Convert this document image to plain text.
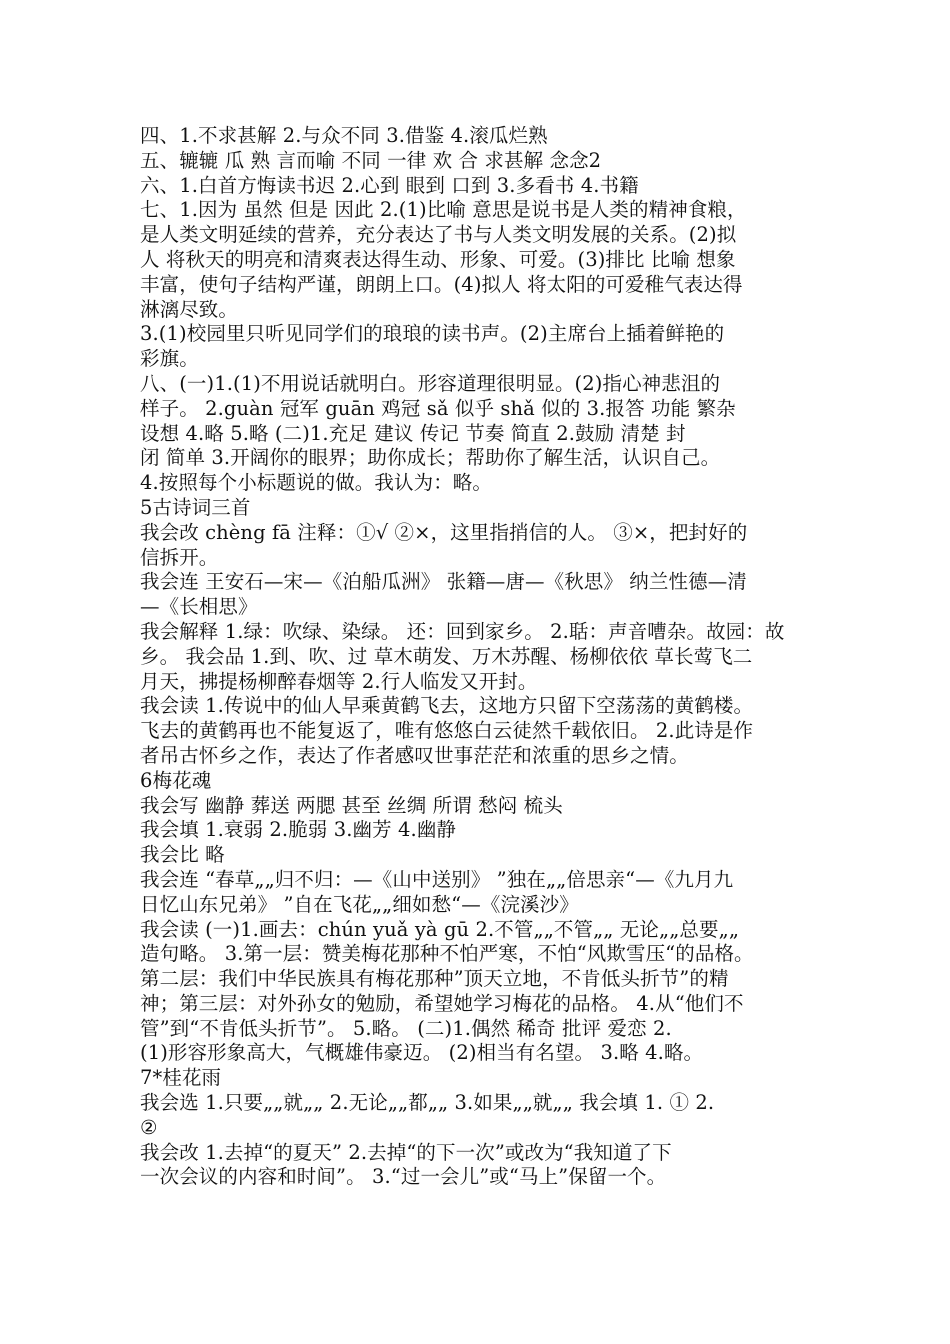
四、1.不求甚解 2.与众不同 3.借鉴 4.滚瓜烂熟
五、辘辘 瓜 熟 言而喻 不同 一律 欢 合 求甚解 念念2
六、1.白首方悔读书迟 2.心到 眼到 口到 3.多看书 4.书籍
七、1.因为 虽然 但是 因此 2.(1)比喻 意思是说书是人类的精神食粮，
是人类文明延续的营养，充分表达了书与人类文明发展的关系。(2)拟
人 将秋天的明亮和清爽表达得生动、形象、可爱。(3)排比 比喻 想象
丰富，使句子结构严谨，朗朗上口。(4)拟人 将太阳的可爱稚气表达得
淋漓尽致。
3.(1)校园里只听见同学们的琅琅的读书声。(2)主席台上插着鲜艳的
彩旗。
八、(一)1.(1)不用说话就明白。形容道理很明显。(2)指心神悲沮的
样子。 2.guàn 冠军 guān 鸡冠 sǎ 似乎 shǎ 似的 3.报答 功能 繁杂
设想 4.略 5.略 (二)1.充足 建议 传记 节奏 简直 2.鼓励 清楚 封
闭 简单 3.开阔你的眼界；助你成长；帮助你了解生活，认识自己。
4.按照每个小标题说的做。我认为：略。
5古诗词三首
我会改 chèng fā 注释：①√ ②×，这里指捎信的人。 ③×，把封好的
信拆开。
我会连 王安石—宋—《泊船瓜洲》 张籍—唐—《秋思》 纳兰性德—清
—《长相思》
我会解释 1.绿：吹绿、染绿。 还：回到家乡。 2.聒：声音嘈杂。故园：故
乡。 我会品 1.到、吹、过 草木萌发、万木苏醒、杨柳依依 草长莺飞二
月天，拂提杨柳醉春烟等 2.行人临发又开封。
我会读 1.传说中的仙人早乘黄鹤飞去，这地方只留下空荡荡的黄鹤楼。
飞去的黄鹤再也不能复返了，唯有悠悠白云徒然千载依旧。 2.此诗是作
者吊古怀乡之作，表达了作者感叹世事茫茫和浓重的思乡之情。
6梅花魂
我会写 幽静 葬送 两腮 甚至 丝绸 所谓 愁闷 梳头
我会填 1.衰弱 2.脆弱 3.幽芳 4.幽静
我会比 略
我会连 “春草„„归不归：—《山中送别》 ”独在„„倍思亲“—《九月九
日忆山东兄弟》 ”自在飞花„„细如愁“—《浣溪沙》
我会读 (一)1.画去：chún yuǎ yà gū 2.不管„„不管„„ 无论„„总要„„
造句略。 3.第一层：赞美梅花那种不怕严寒，不怕“风欺雪压“的品格。
第二层：我们中华民族具有梅花那种”顶天立地，不肯低头折节”的精
神；第三层：对外孙女的勉励，希望她学习梅花的品格。 4.从“他们不
管”到“不肯低头折节”。 5.略。 (二)1.偶然 稀奇 批评 爱恋 2.
(1)形容形象高大，气概雄伟豪迈。 (2)相当有名望。 3.略 4.略。
7*桂花雨
我会选 1.只要„„就„„ 2.无论„„都„„ 3.如果„„就„„ 我会填 1. ① 2.
②
我会改 1.去掉“的夏天” 2.去掉“的下一次”或改为“我知道了下
一次会议的内容和时间”。 3.“过一会儿”或“马上”保留一个。
